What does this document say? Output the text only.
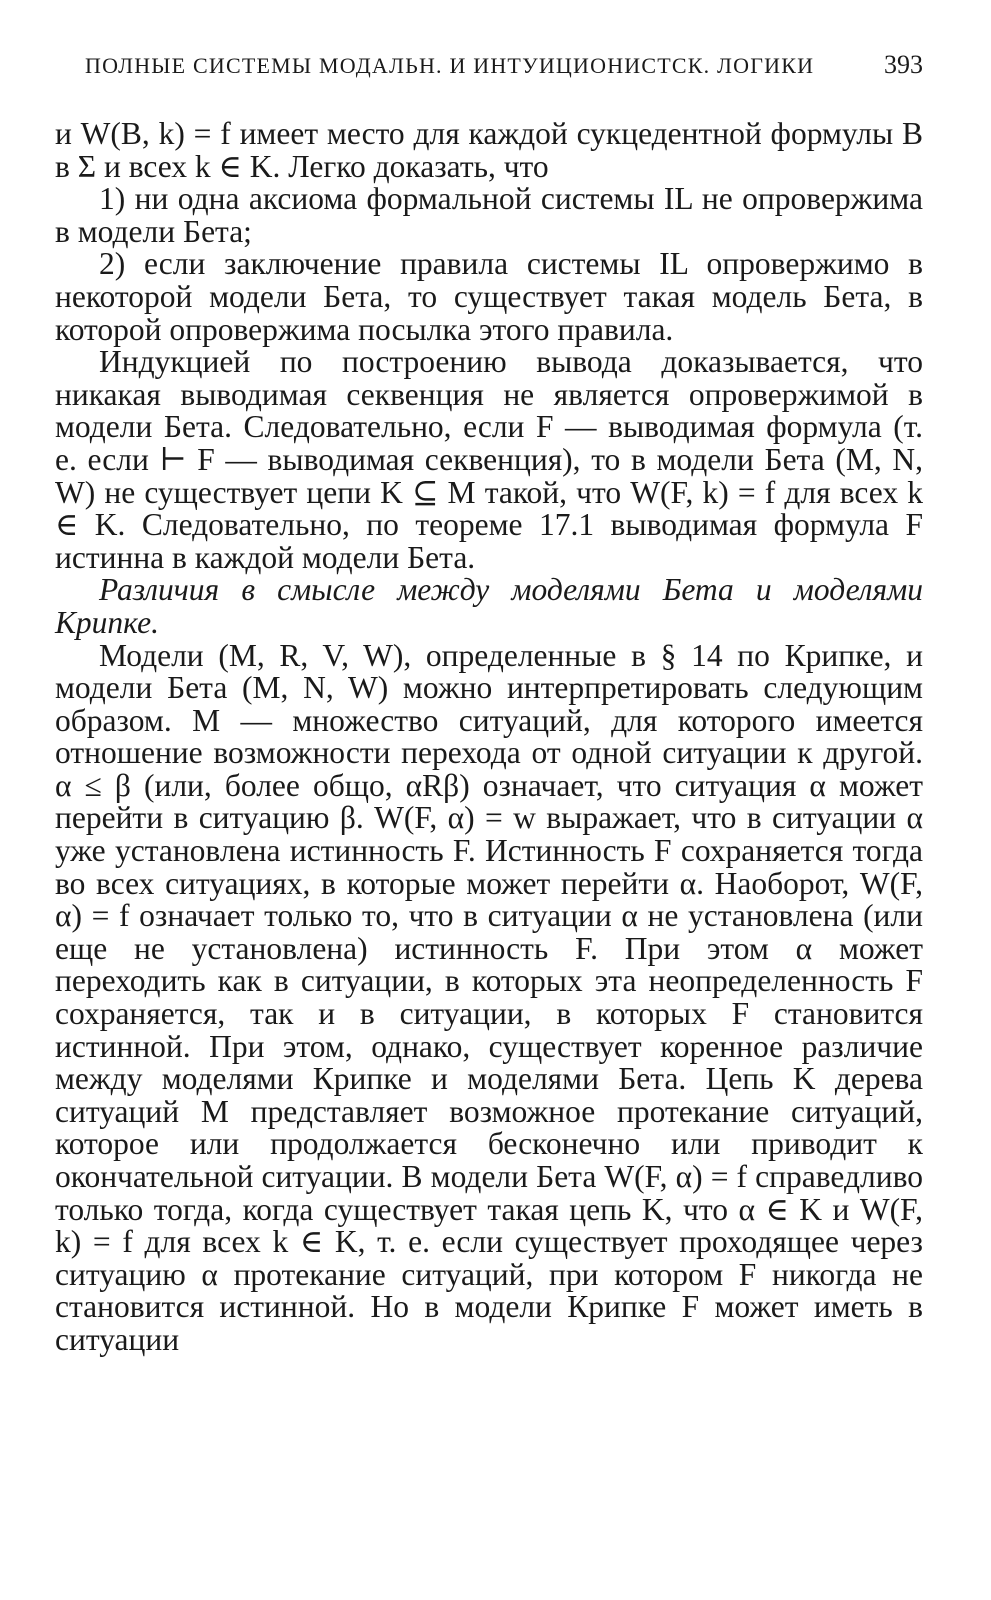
ПОЛНЫЕ СИСТЕМЫ МОДАЛЬН. И ИНТУИЦИОНИСТСК. ЛОГИКИ	393

и W(B, k) = f имеет место для каждой сукцедентной формулы B в Σ и всех k ∈ K. Легко доказать, что

1) ни одна аксиома формальной системы IL не опровержима в модели Бета;

2) если заключение правила системы IL опровержимо в некоторой модели Бета, то существует такая модель Бета, в которой опровержима посылка этого правила.

Индукцией по построению вывода доказывается, что никакая выводимая секвенция не является опровержимой в модели Бета. Следовательно, если F — выводимая формула (т. е. если ⊢ F — выводимая секвенция), то в модели Бета (M, N, W) не существует цепи K ⊆ M такой, что W(F, k) = f для всех k ∈ K. Следовательно, по теореме 17.1 выводимая формула F истинна в каждой модели Бета.

Различия в смысле между моделями Бета и моделями Крипке.

Модели (M, R, V, W), определенные в § 14 по Крипке, и модели Бета (M, N, W) можно интерпретировать следующим образом. M — множество ситуаций, для которого имеется отношение возможности перехода от одной ситуации к другой. α ≤ β (или, более общо, αRβ) означает, что ситуация α может перейти в ситуацию β. W(F, α) = w выражает, что в ситуации α уже установлена истинность F. Истинность F сохраняется тогда во всех ситуациях, в которые может перейти α. Наоборот, W(F, α) = f означает только то, что в ситуации α не установлена (или еще не установлена) истинность F. При этом α может переходить как в ситуации, в которых эта неопределенность F сохраняется, так и в ситуации, в которых F становится истинной. При этом, однако, существует коренное различие между моделями Крипке и моделями Бета. Цепь K дерева ситуаций M представляет возможное протекание ситуаций, которое или продолжается бесконечно или приводит к окончательной ситуации. В модели Бета W(F, α) = f справедливо только тогда, когда существует такая цепь K, что α ∈ K и W(F, k) = f для всех k ∈ K, т. е. если существует проходящее через ситуацию α протекание ситуаций, при котором F никогда не становится истинной. Но в модели Крипке F может иметь в ситуации
